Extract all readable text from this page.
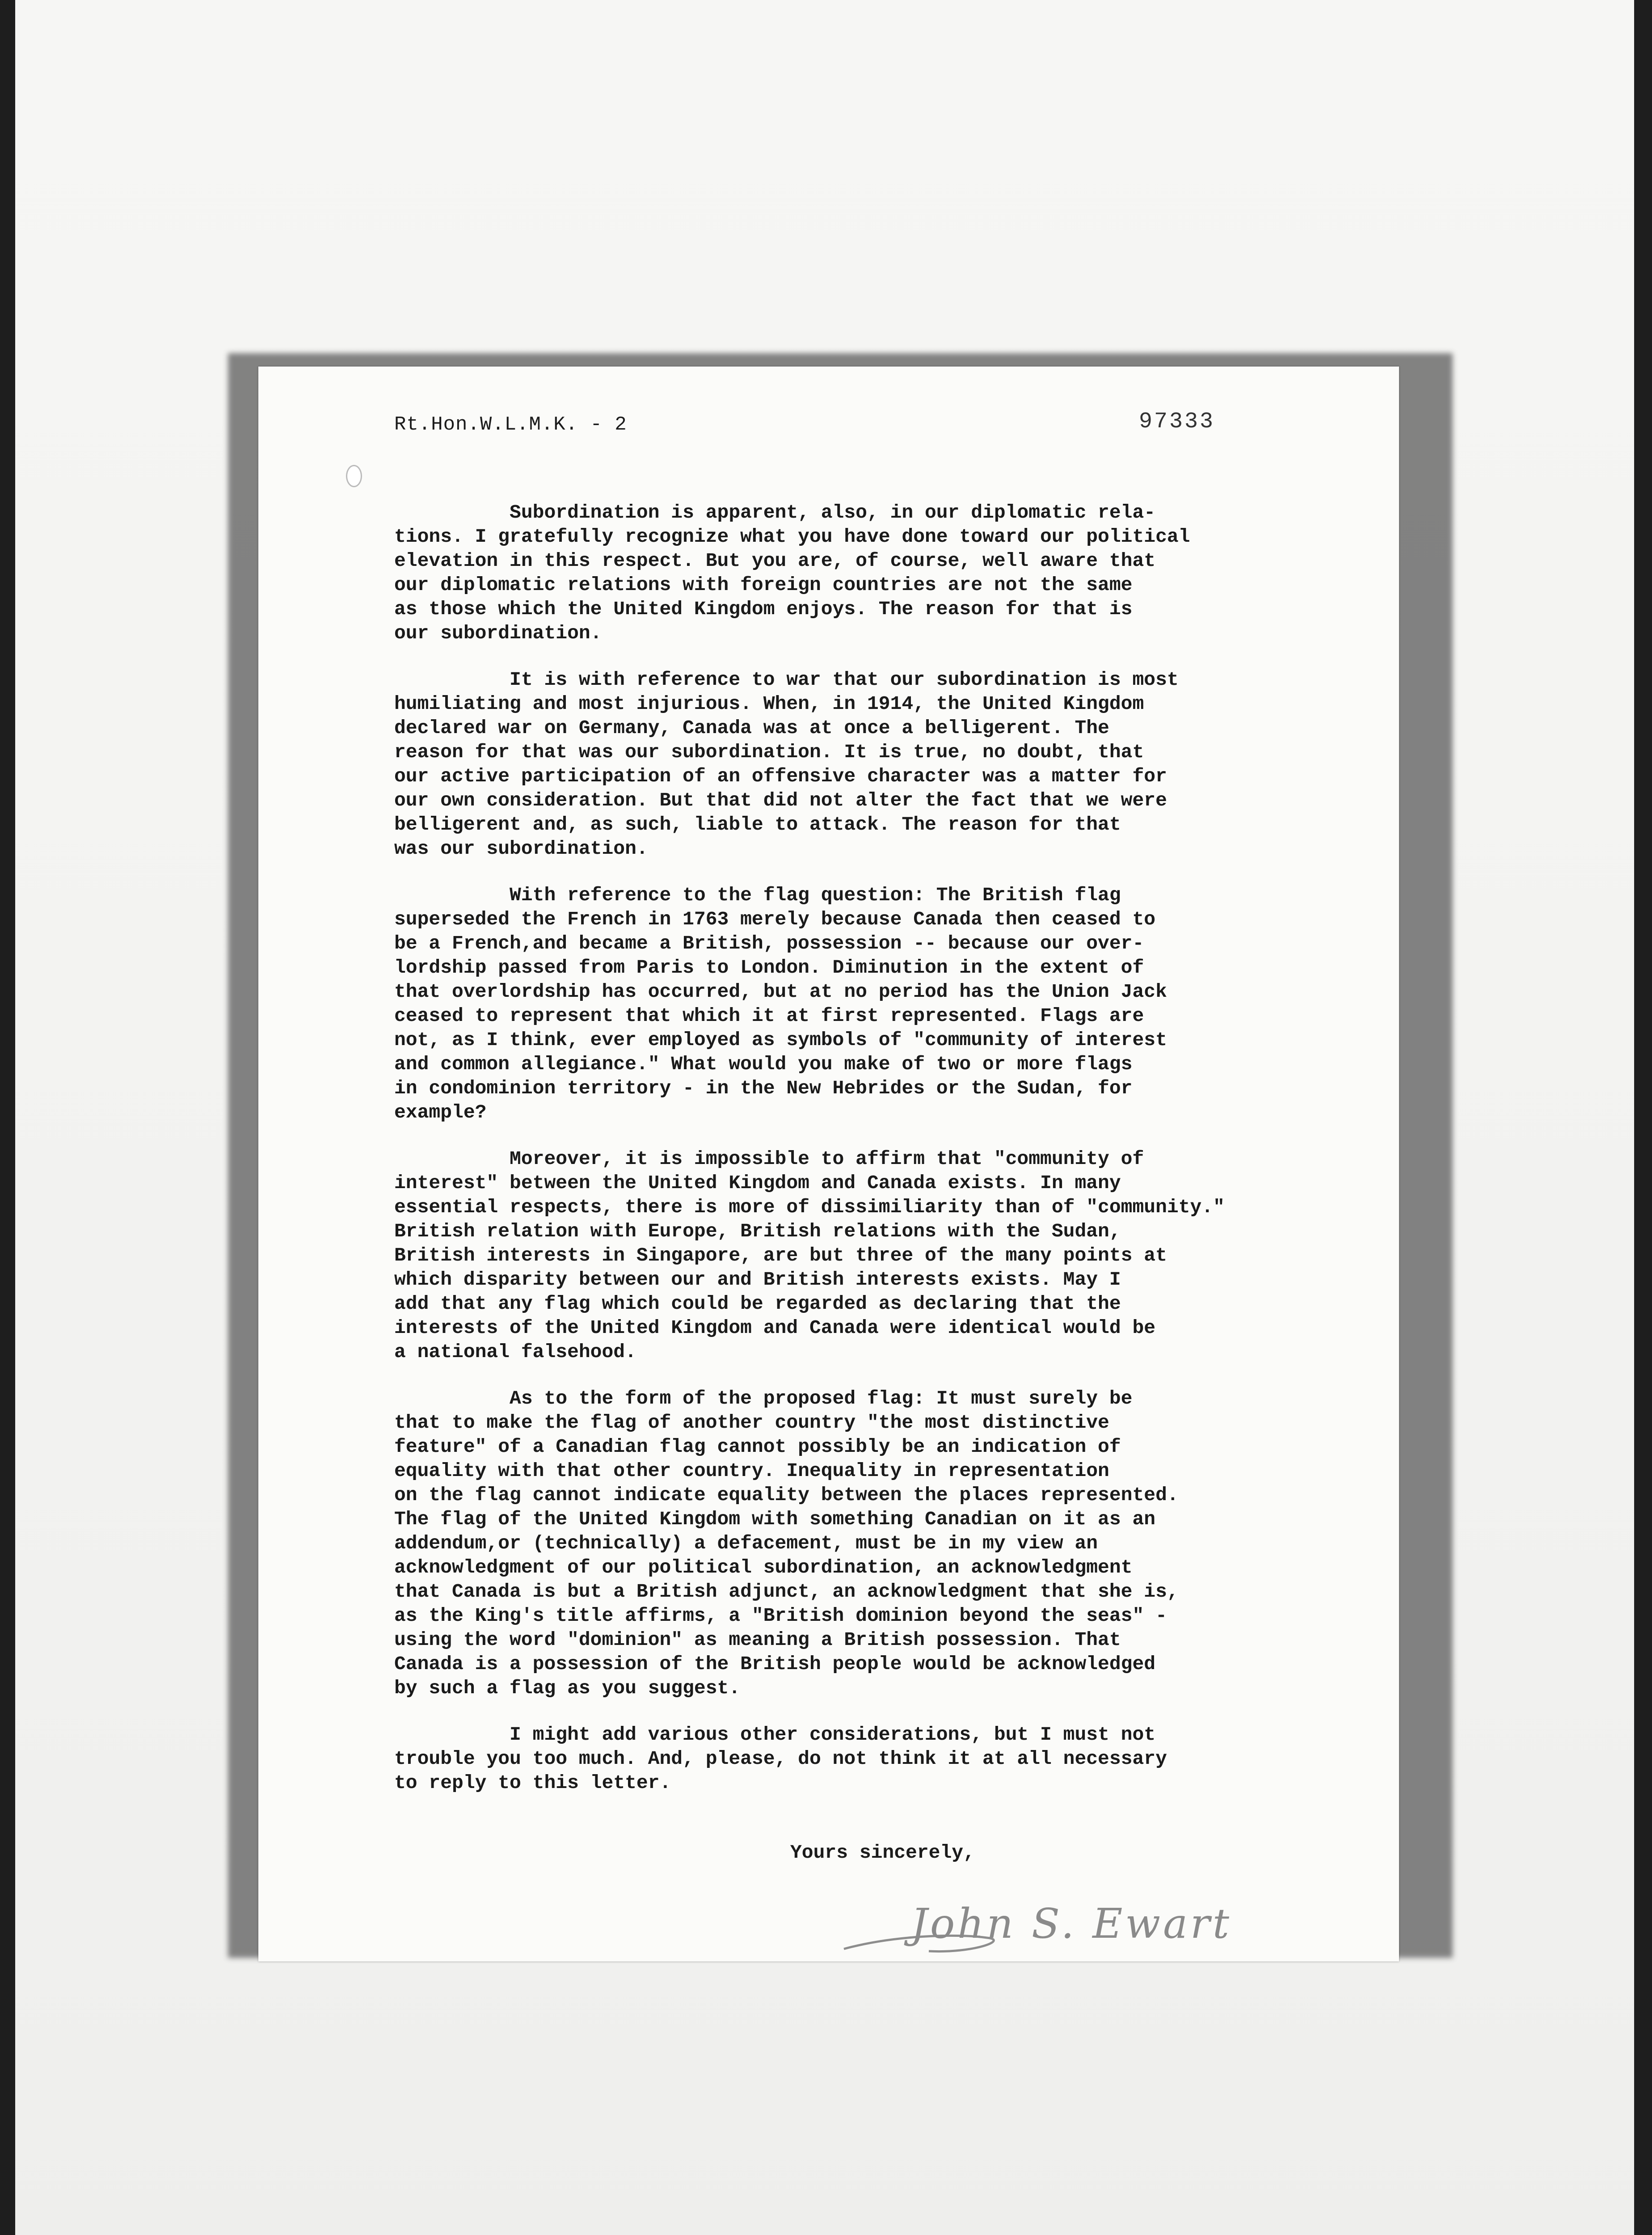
Rt.Hon.W.L.M.K. - 2	97333

Subordination is apparent, also, in our diplomatic rela-
tions. I gratefully recognize what you have done toward our political
elevation in this respect. But you are, of course, well aware that
our diplomatic relations with foreign countries are not the same
as those which the United Kingdom enjoys. The reason for that is
our subordination.

It is with reference to war that our subordination is most
humiliating and most injurious. When, in 1914, the United Kingdom
declared war on Germany, Canada was at once a belligerent. The
reason for that was our subordination. It is true, no doubt, that
our active participation of an offensive character was a matter for
our own consideration. But that did not alter the fact that we were
belligerent and, as such, liable to attack. The reason for that
was our subordination.

With reference to the flag question: The British flag
superseded the French in 1763 merely because Canada then ceased to
be a French,and became a British, possession -- because our over-
lordship passed from Paris to London. Diminution in the extent of
that overlordship has occurred, but at no period has the Union Jack
ceased to represent that which it at first represented. Flags are
not, as I think, ever employed as symbols of "community of interest
and common allegiance." What would you make of two or more flags
in condominion territory - in the New Hebrides or the Sudan, for
example?

Moreover, it is impossible to affirm that "community of
interest" between the United Kingdom and Canada exists. In many
essential respects, there is more of dissimiliarity than of "community."
British relation with Europe, British relations with the Sudan,
British interests in Singapore, are but three of the many points at
which disparity between our and British interests exists. May I
add that any flag which could be regarded as declaring that the
interests of the United Kingdom and Canada were identical would be
a national falsehood.

As to the form of the proposed flag: It must surely be
that to make the flag of another country "the most distinctive
feature" of a Canadian flag cannot possibly be an indication of
equality with that other country. Inequality in representation
on the flag cannot indicate equality between the places represented.
The flag of the United Kingdom with something Canadian on it as an
addendum,or (technically) a defacement, must be in my view an
acknowledgment of our political subordination, an acknowledgment
that Canada is but a British adjunct, an acknowledgment that she is,
as the King's title affirms, a "British dominion beyond the seas" -
using the word "dominion" as meaning a British possession. That
Canada is a possession of the British people would be acknowledged
by such a flag as you suggest.

I might add various other considerations, but I must not
trouble you too much. And, please, do not think it at all necessary
to reply to this letter.

Yours sincerely,
John S. Ewart
